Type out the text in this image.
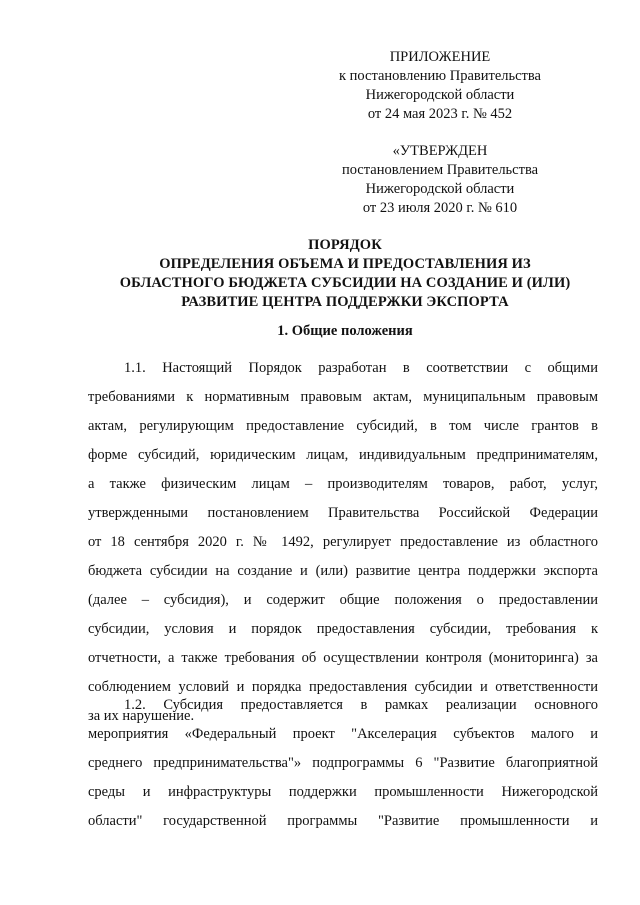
ПРИЛОЖЕНИЕ
к постановлению Правительства
Нижегородской области
от 24 мая 2023 г. № 452
«УТВЕРЖДЕН
постановлением Правительства
Нижегородской области
от 23 июля 2020 г. № 610
ПОРЯДОК
ОПРЕДЕЛЕНИЯ ОБЪЕМА И ПРЕДОСТАВЛЕНИЯ ИЗ
ОБЛАСТНОГО БЮДЖЕТА СУБСИДИИ НА СОЗДАНИЕ И (ИЛИ)
РАЗВИТИЕ ЦЕНТРА ПОДДЕРЖКИ ЭКСПОРТА
1. Общие положения
1.1. Настоящий Порядок разработан в соответствии с общими
требованиями к нормативным правовым актам, муниципальным правовым
актам, регулирующим предоставление субсидий, в том числе грантов в
форме субсидий, юридическим лицам, индивидуальным предпринимателям,
а также физическим лицам – производителям товаров, работ, услуг,
утвержденными постановлением Правительства Российской Федерации
от 18 сентября 2020 г. № 1492, регулирует предоставление из областного
бюджета субсидии на создание и (или) развитие центра поддержки экспорта
(далее – субсидия), и содержит общие положения о предоставлении
субсидии, условия и порядок предоставления субсидии, требования к
отчетности, а также требования об осуществлении контроля (мониторинга) за
соблюдением условий и порядка предоставления субсидии и ответственности
за их нарушение.
1.2. Субсидия предоставляется в рамках реализации основного
мероприятия «Федеральный проект "Акселерация субъектов малого и
среднего предпринимательства"» подпрограммы 6 "Развитие благоприятной
среды и инфраструктуры поддержки промышленности Нижегородской
области" государственной программы "Развитие промышленности и
